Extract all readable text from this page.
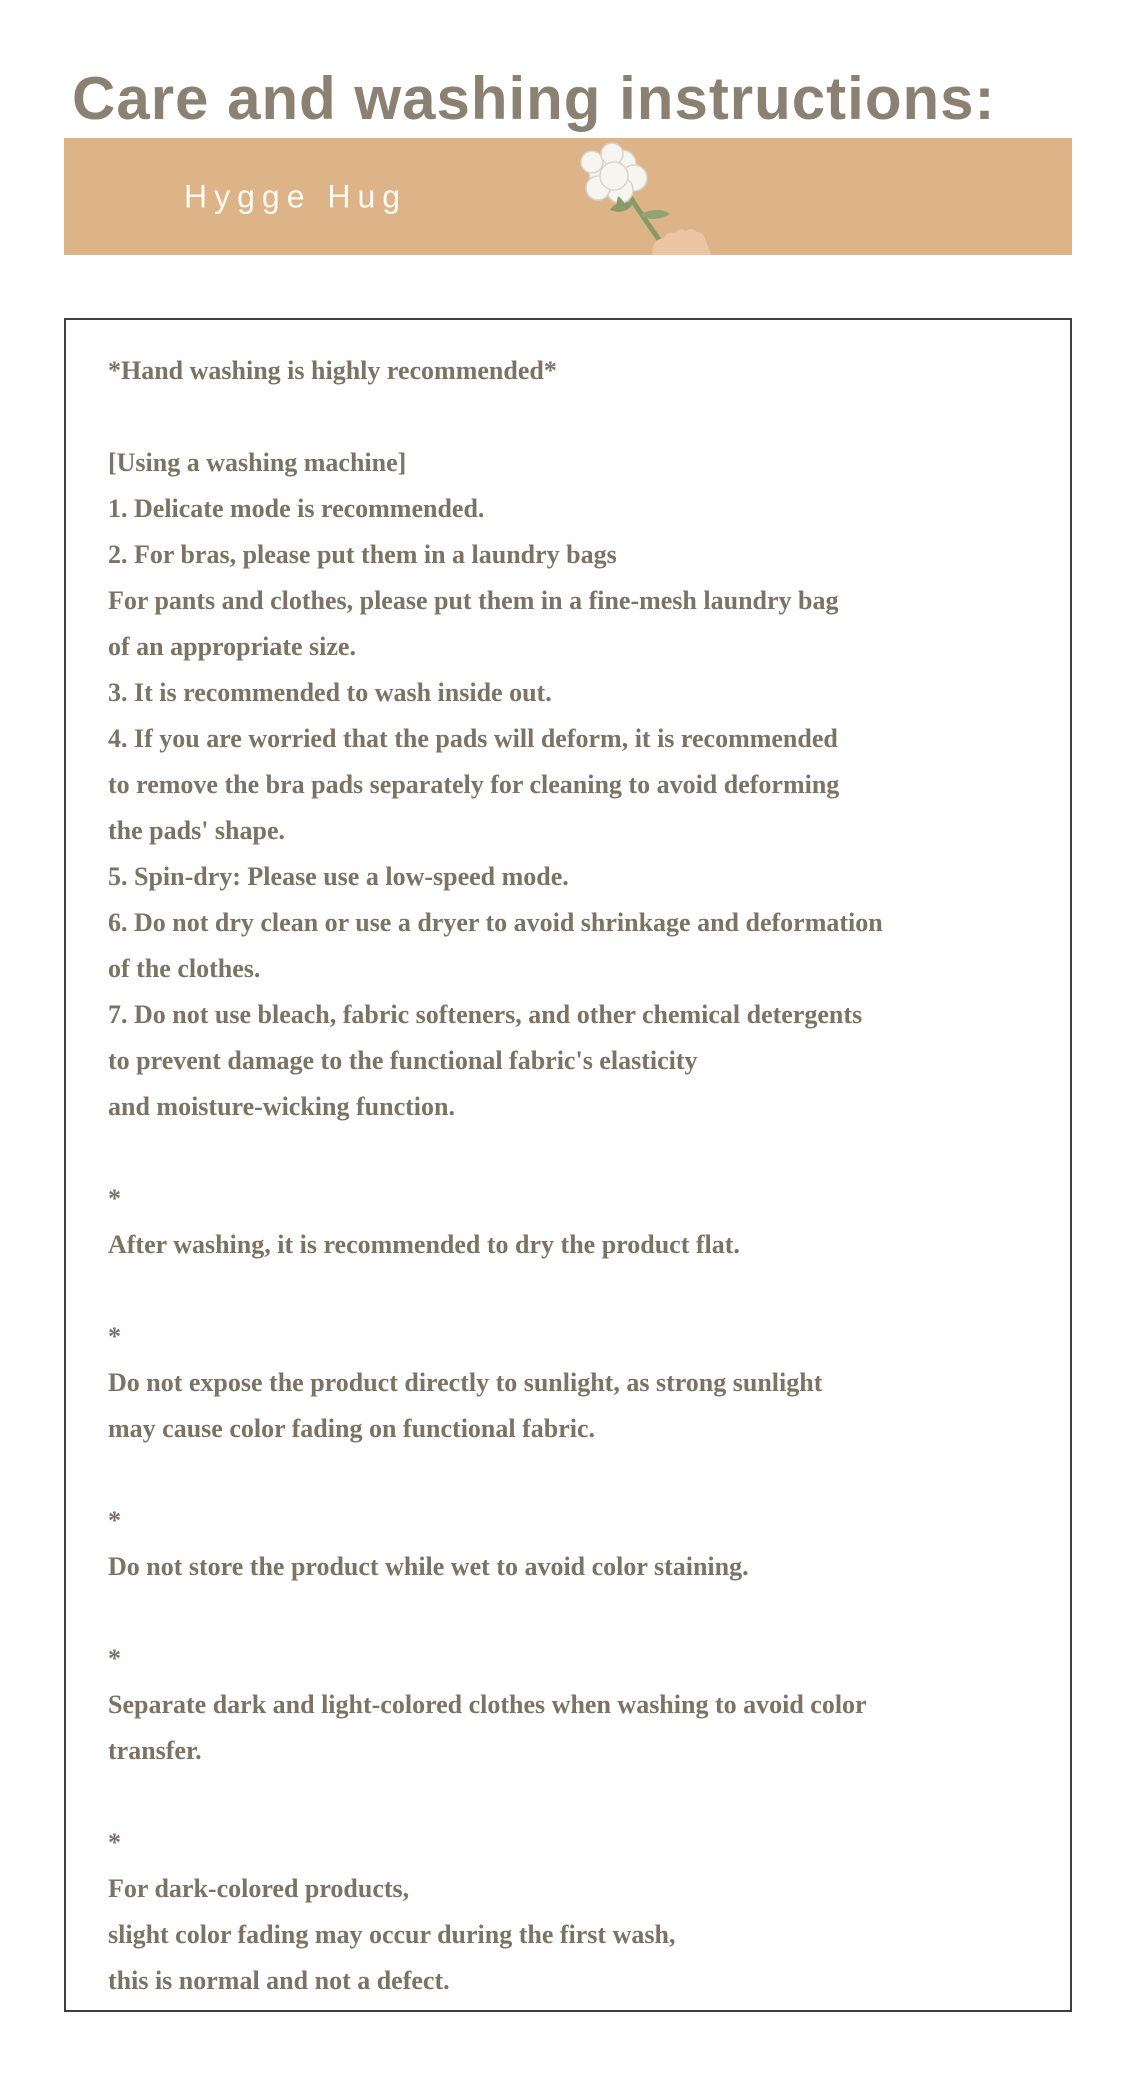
Care and washing instructions:
Hygge Hug
*Hand washing is highly recommended*
[Using a washing machine]
1. Delicate mode is recommended.
2. For bras, please put them in a laundry bags
For pants and clothes, please put them in a fine-mesh laundry bag
of an appropriate size.
3. It is recommended to wash inside out.
4. If you are worried that the pads will deform, it is recommended
to remove the bra pads separately for cleaning to avoid deforming
the pads' shape.
5. Spin-dry: Please use a low-speed mode.
6. Do not dry clean or use a dryer to avoid shrinkage and deformation
of the clothes.
7. Do not use bleach, fabric softeners, and other chemical detergents
to prevent damage to the functional fabric's elasticity
and moisture-wicking function.
*
After washing, it is recommended to dry the product flat.
*
Do not expose the product directly to sunlight, as strong sunlight
may cause color fading on functional fabric.
*
Do not store the product while wet to avoid color staining.
*
Separate dark and light-colored clothes when washing to avoid color
transfer.
*
For dark-colored products,
slight color fading may occur during the first wash,
this is normal and not a defect.
